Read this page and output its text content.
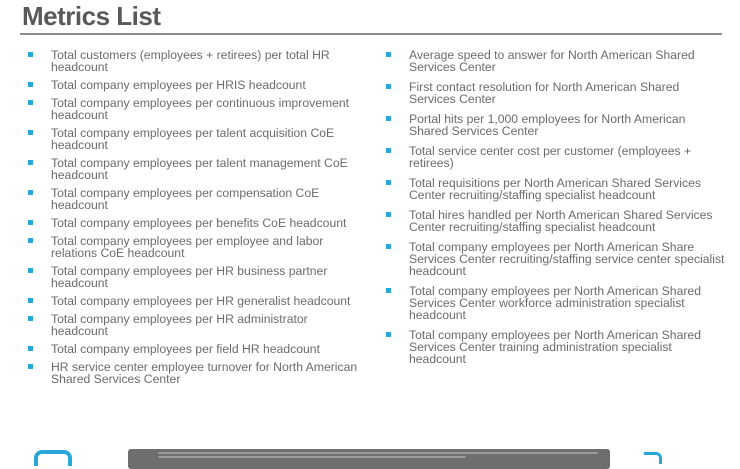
Metrics List
Total customers (employees + retirees) per total HR headcount
Total company employees per HRIS headcount
Total company employees per continuous improvement headcount
Total company employees per talent acquisition CoE headcount
Total company employees per talent management CoE headcount
Total company employees per compensation CoE headcount
Total company employees per benefits CoE headcount
Total company employees per employee and labor relations CoE headcount
Total company employees per HR business partner headcount
Total company employees per HR generalist headcount
Total company employees per HR administrator headcount
Total company employees per field HR headcount
HR service center employee turnover for North American Shared Services Center
Average speed to answer for North American Shared Services Center
First contact resolution for North American Shared Services Center
Portal hits per 1,000 employees for North American Shared Services Center
Total service center cost per customer (employees + retirees)
Total requisitions per North American Shared Services Center recruiting/staffing specialist headcount
Total hires handled per North American Shared Services Center recruiting/staffing specialist headcount
Total company employees per North American Share Services Center recruiting/staffing service center specialist headcount
Total company employees per North American Shared Services Center workforce administration specialist headcount
Total company employees per North American Shared Services Center training administration specialist headcount
